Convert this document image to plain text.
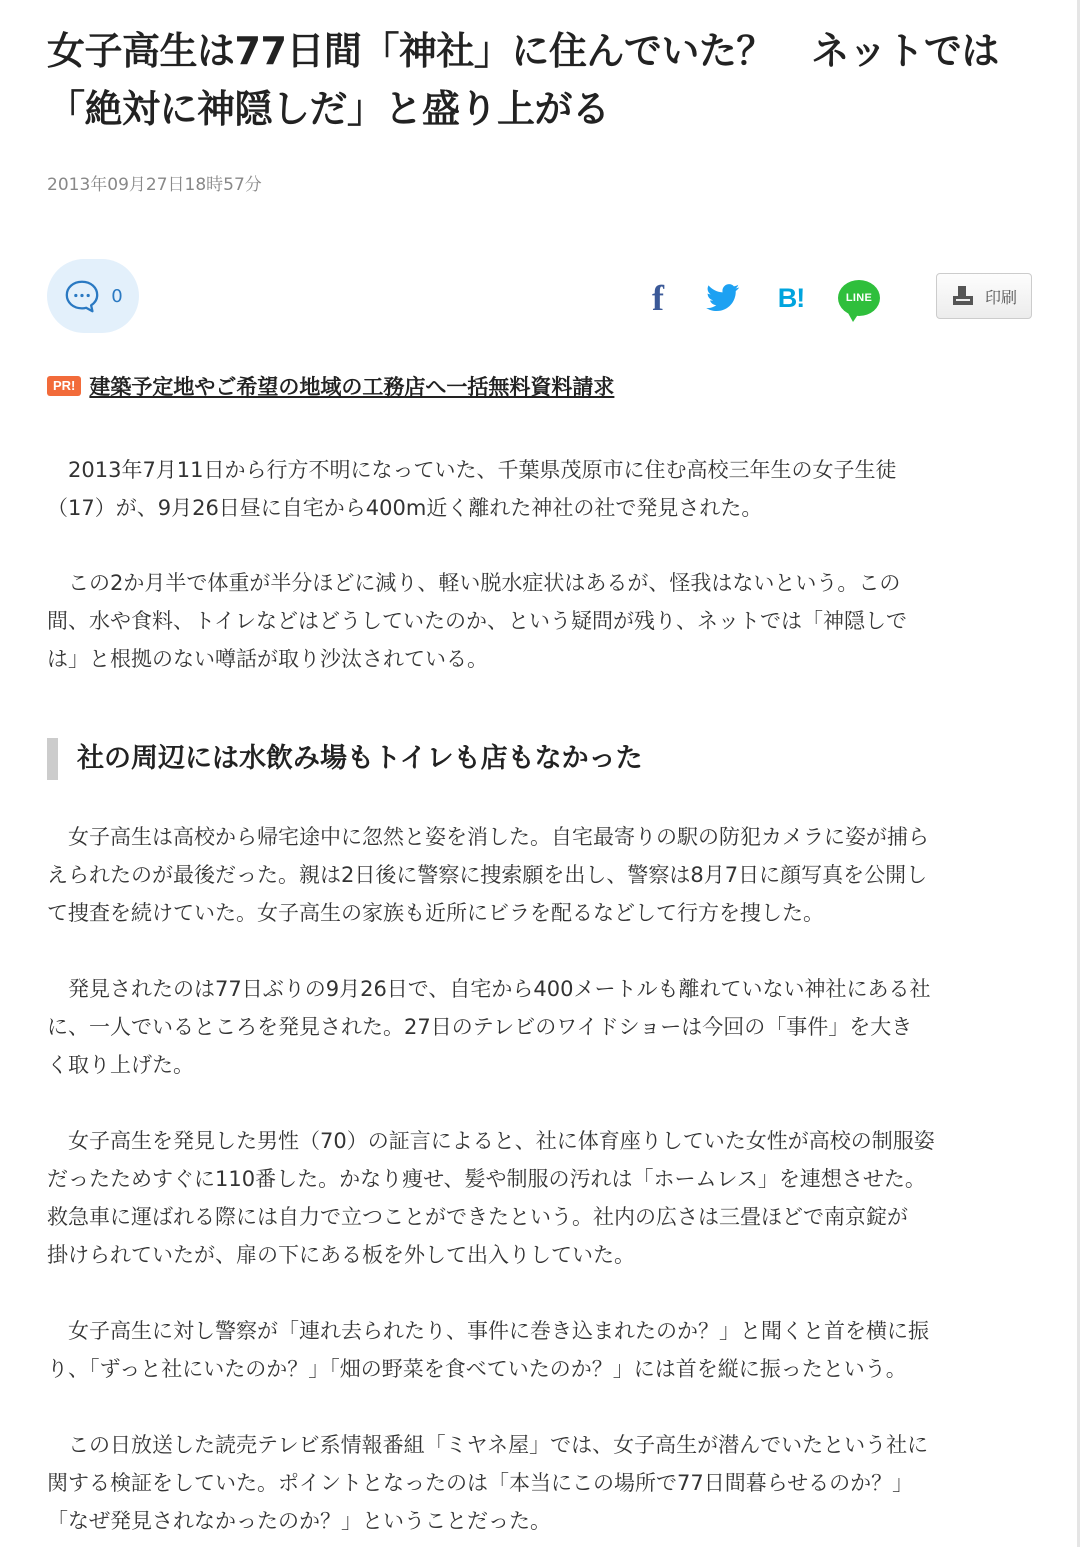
女子高生は77日間「神社」に住んでいた？　ネットでは
「絶対に神隠しだ」と盛り上がる
2013年09月27日18時57分
0	f	B!	LINE	印刷
PR! 建築予定地やご希望の地域の工務店へ一括無料資料請求

　2013年7月11日から行方不明になっていた、千葉県茂原市に住む高校三年生の女子生徒
（17）が、9月26日昼に自宅から400m近く離れた神社の社で発見された。

　この2か月半で体重が半分ほどに減り、軽い脱水症状はあるが、怪我はないという。この
間、水や食料、トイレなどはどうしていたのか、という疑問が残り、ネットでは「神隠しで
は」と根拠のない噂話が取り沙汰されている。

社の周辺には水飲み場もトイレも店もなかった

　女子高生は高校から帰宅途中に忽然と姿を消した。自宅最寄りの駅の防犯カメラに姿が捕ら
えられたのが最後だった。親は2日後に警察に捜索願を出し、警察は8月7日に顔写真を公開し
て捜査を続けていた。女子高生の家族も近所にビラを配るなどして行方を捜した。

　発見されたのは77日ぶりの9月26日で、自宅から400メートルも離れていない神社にある社
に、一人でいるところを発見された。27日のテレビのワイドショーは今回の「事件」を大き
く取り上げた。

　女子高生を発見した男性（70）の証言によると、社に体育座りしていた女性が高校の制服姿
だったためすぐに110番した。かなり痩せ、髪や制服の汚れは「ホームレス」を連想させた。
救急車に運ばれる際には自力で立つことができたという。社内の広さは三畳ほどで南京錠が
掛けられていたが、扉の下にある板を外して出入りしていた。

　女子高生に対し警察が「連れ去られたり、事件に巻き込まれたのか？」と聞くと首を横に振
り、「ずっと社にいたのか？」「畑の野菜を食べていたのか？」には首を縦に振ったという。

　この日放送した読売テレビ系情報番組「ミヤネ屋」では、女子高生が潜んでいたという社に
関する検証をしていた。ポイントとなったのは「本当にこの場所で77日間暮らせるのか？」
「なぜ発見されなかったのか？」ということだった。
